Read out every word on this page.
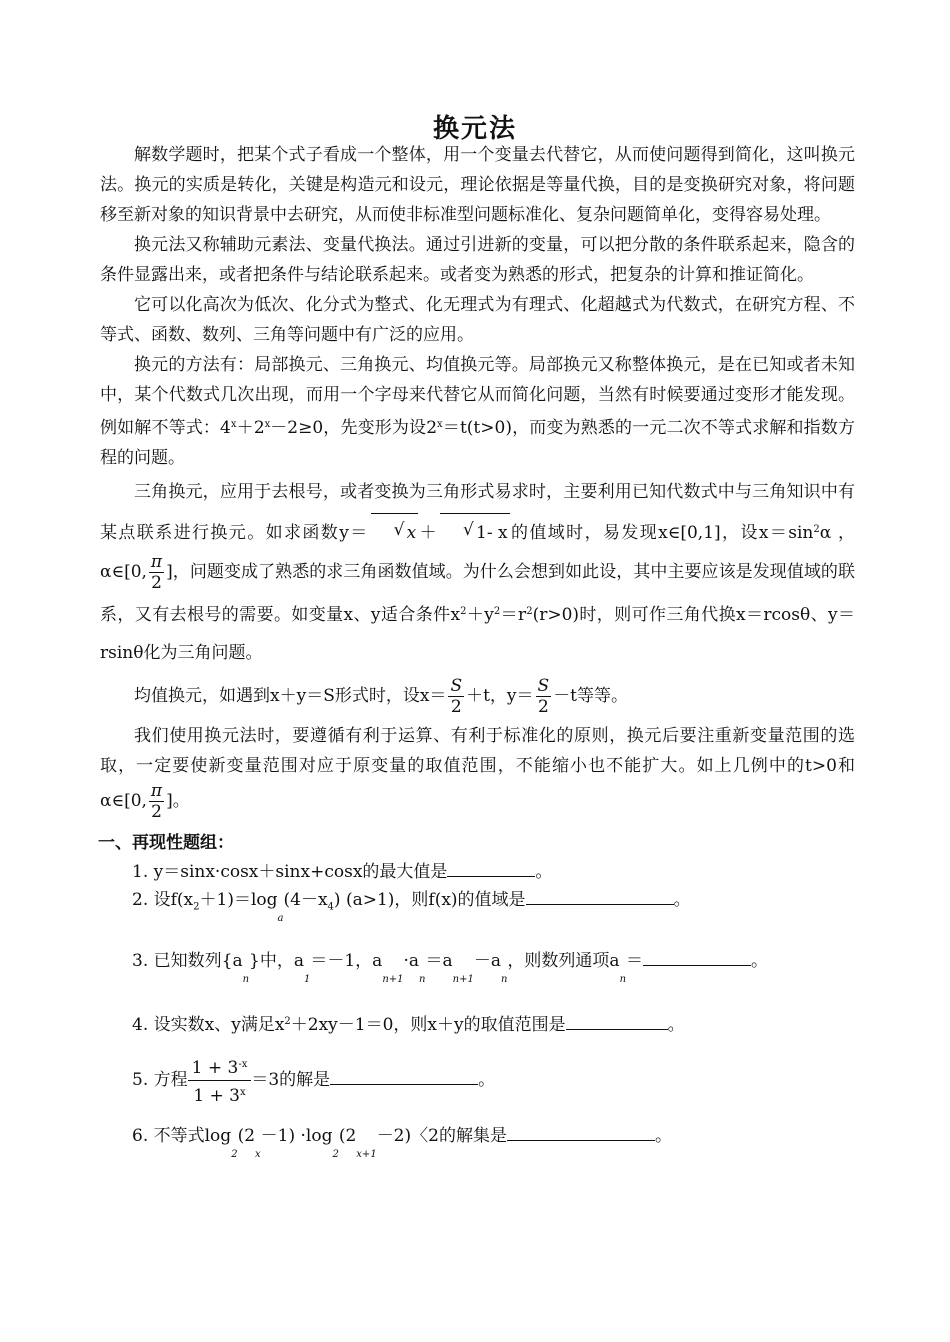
换元法

解数学题时，把某个式子看成一个整体，用一个变量去代替它，从而使问题得到简化，这叫换元法。换元的实质是转化，关键是构造元和设元，理论依据是等量代换，目的是变换研究对象，将问题移至新对象的知识背景中去研究，从而使非标准型问题标准化、复杂问题简单化，变得容易处理。

换元法又称辅助元素法、变量代换法。通过引进新的变量，可以把分散的条件联系起来，隐含的条件显露出来，或者把条件与结论联系起来。或者变为熟悉的形式，把复杂的计算和推证简化。

它可以化高次为低次、化分式为整式、化无理式为有理式、化超越式为代数式，在研究方程、不等式、函数、数列、三角等问题中有广泛的应用。

换元的方法有：局部换元、三角换元、均值换元等。局部换元又称整体换元，是在已知或者未知中，某个代数式几次出现，而用一个字母来代替它从而简化问题，当然有时候要通过变形才能发现。例如解不等式：$4^x+2^x-2\ge 0$，先变形为设$2^x=t(t>0)$，而变为熟悉的一元二次不等式求解和指数方程的问题。

三角换元，应用于去根号，或者变换为三角形式易求时，主要利用已知代数式中与三角知识中有某点联系进行换元。如求函数y＝ √ x ＋ √ 1- x 的值域时，易发现x∈[0,1]，设$x=\sin^2\alpha$ ，α∈[0, $\frac{\pi}{2}$ ]，问题变成了熟悉的求三角函数值域。为什么会想到如此设，其中主要应该是发现值域的联系，又有去根号的需要。如变量x、y适合条件$x^2+y^2=r^2(r>0)$时，则可作三角代换x＝rcosθ、y＝rsinθ化为三角问题。

均值换元，如遇到x＋y＝S形式时，设$x= \frac{S}{2} +t$，$y= \frac{S}{2} -t$等等。

我们使用换元法时，要遵循有利于运算、有利于标准化的原则，换元后要注重新变量范围的选取，一定要使新变量范围对应于原变量的取值范围，不能缩小也不能扩大。如上几例中的t>0和α∈[0, $\frac{\pi}{2}$ ]。

一、再现性题组：
1. y＝sinx·cosx＋sinx+cosx的最大值是	。
2. 设$f(x_2+1)=\log_a(4-x_4)$ (a>1)，则f(x)的值域是	。
3. 已知数列$\{a_n\}$中，$a_1=-1$，$a_{n+1}\cdot a_n=a_{n+1}-a_n$，则数列通项$a_n=$	。
4. 设实数x、y满足$x^2+2xy-1=0$，则x＋y的取值范围是	。
5. 方程 $\frac{1 + 3^{-x}}{1 + 3^x} =3$的解是	。
6. 不等式$\log_2(2_x-1) \cdot\log_2(2_{x+1}-2)$〈2的解集是	。
